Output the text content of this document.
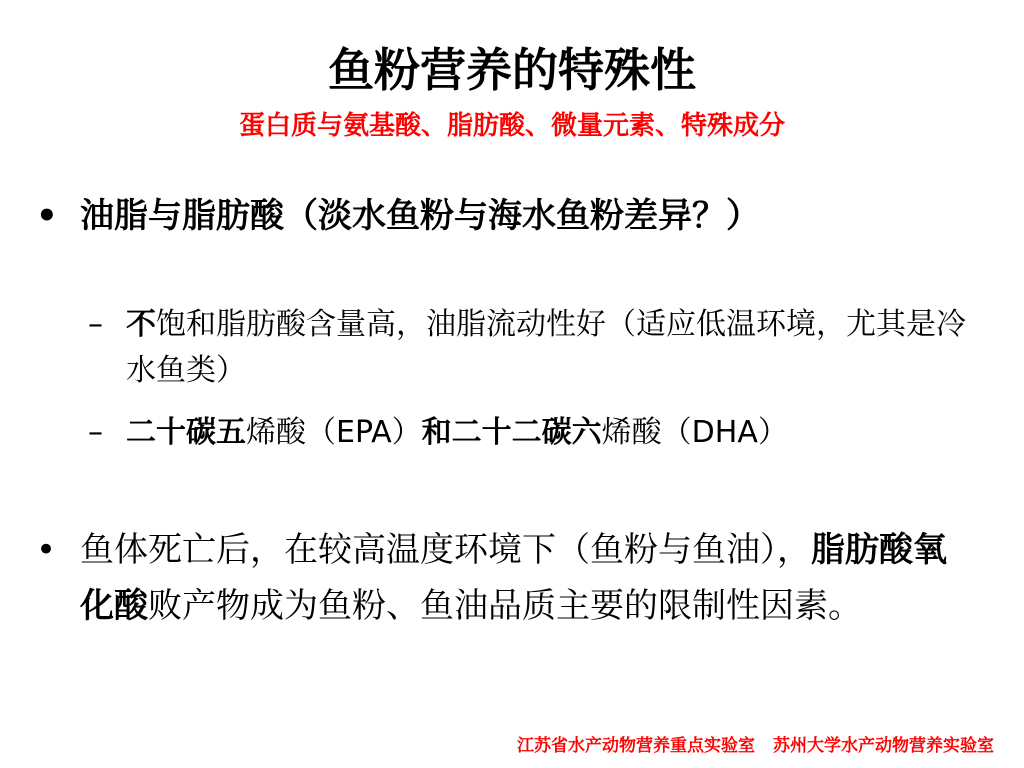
鱼粉营养的特殊性
蛋白质与氨基酸、脂肪酸、微量元素、特殊成分
• 油脂与脂肪酸（淡水鱼粉与海水鱼粉差异？）
– 不饱和脂肪酸含量高，油脂流动性好（适应低温环境，尤其是冷水鱼类）
– 二十碳五烯酸（EPA）和二十二碳六烯酸（DHA）
• 鱼体死亡后，在较高温度环境下（鱼粉与鱼油），脂肪酸氧化酸败产物成为鱼粉、鱼油品质主要的限制性因素。
江苏省水产动物营养重点实验室 苏州大学水产动物营养实验室
